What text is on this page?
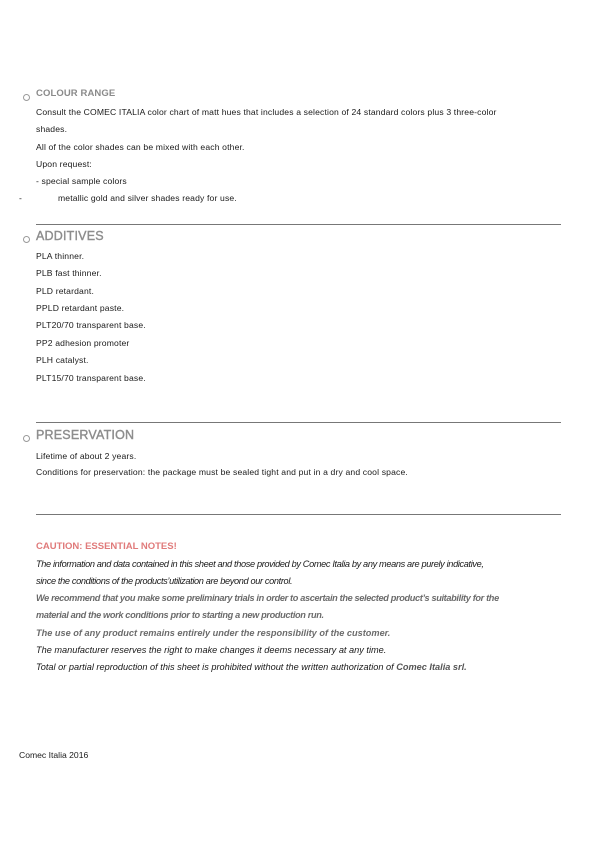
COLOUR RANGE
Consult the COMEC ITALIA color chart of matt hues that includes a selection of 24 standard colors plus 3 three-color
shades.
All of the color shades can be mixed with each other.
Upon request:
- special sample colors
-	metallic gold and silver shades ready for use.
ADDITIVES
PLA thinner.
PLB fast thinner.
PLD retardant.
PPLD retardant paste.
PLT20/70 transparent base.
PP2 adhesion promoter
PLH catalyst.
PLT15/70 transparent base.
PRESERVATION
Lifetime of about 2 years.
Conditions for preservation: the package must be sealed tight and put in a dry and cool space.
CAUTION: ESSENTIAL NOTES!
The information and data contained in this sheet and those provided by Comec Italia by any means are purely indicative,
since the conditions of the products’utilization are beyond our control.
We recommend that you make some preliminary trials in order to ascertain the selected product’s suitability for the
material and the work conditions prior to starting a new production run.
The use of any product remains entirely under the responsibility of the customer.
The manufacturer reserves the right to make changes it deems necessary at any time.
Total or partial reproduction of this sheet is prohibited without the written authorization of Comec Italia srl.
Comec Italia 2016
